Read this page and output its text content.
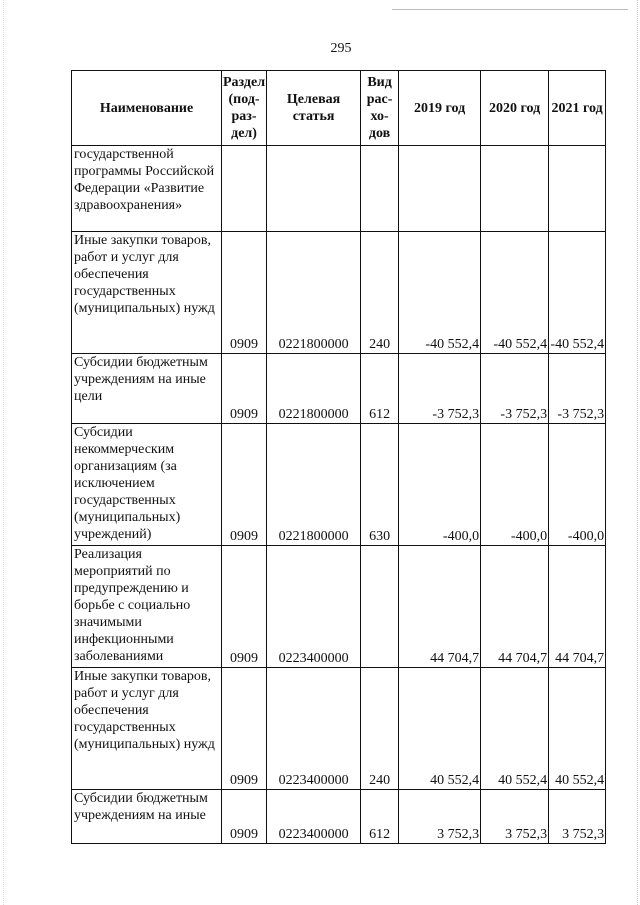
295
Наименование	Раздел (под-раз-дел)	Целевая статья	Вид рас-хо-дов	2019 год	2020 год	2021 год
государственной программы Российской Федерации «Развитие здравоохранения»						
Иные закупки товаров, работ и услуг для обеспечения государственных (муниципальных) нужд	0909	0221800000	240	-40 552,4	-40 552,4	-40 552,4
Субсидии бюджетным учреждениям на иные цели	0909	0221800000	612	-3 752,3	-3 752,3	-3 752,3
Субсидии некоммерческим организациям (за исключением государственных (муниципальных) учреждений)	0909	0221800000	630	-400,0	-400,0	-400,0
Реализация мероприятий по предупреждению и борьбе с социально значимыми инфекционными заболеваниями	0909	0223400000		44 704,7	44 704,7	44 704,7
Иные закупки товаров, работ и услуг для обеспечения государственных (муниципальных) нужд	0909	0223400000	240	40 552,4	40 552,4	40 552,4
Субсидии бюджетным учреждениям на иные	0909	0223400000	612	3 752,3	3 752,3	3 752,3
